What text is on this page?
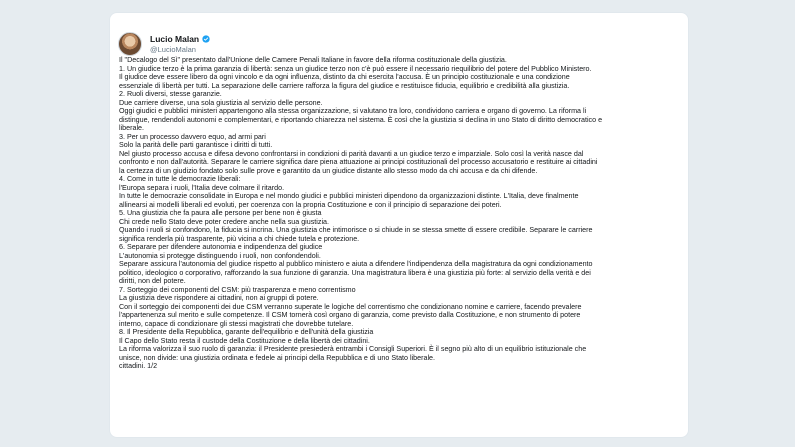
Lucio Malan
@LucioMalan
Il "Decalogo del Sì" presentato dall'Unione delle Camere Penali Italiane in favore della riforma costituzionale della giustizia.
1. Un giudice terzo è la prima garanzia di libertà: senza un giudice terzo non c'è può essere il necessario riequilibrio del potere del Pubblico Ministero.
Il giudice deve essere libero da ogni vincolo e da ogni influenza, distinto da chi esercita l'accusa. È un principio costituzionale e una condizione
essenziale di libertà per tutti. La separazione delle carriere rafforza la figura del giudice e restituisce fiducia, equilibrio e credibilità alla giustizia.
2. Ruoli diversi, stesse garanzie.
Due carriere diverse, una sola giustizia al servizio delle persone.
Oggi giudici e pubblici ministeri appartengono alla stessa organizzazione, si valutano tra loro, condividono carriera e organo di governo. La riforma li
distingue, rendendoli autonomi e complementari, e riportando chiarezza nel sistema. È così che la giustizia si declina in uno Stato di diritto democratico e
liberale.
3. Per un processo davvero equo, ad armi pari
Solo la parità delle parti garantisce i diritti di tutti.
Nel giusto processo accusa e difesa devono confrontarsi in condizioni di parità davanti a un giudice terzo e imparziale. Solo così la verità nasce dal
confronto e non dall'autorità. Separare le carriere significa dare piena attuazione ai principi costituzionali del processo accusatorio e restituire ai cittadini
la certezza di un giudizio fondato solo sulle prove e garantito da un giudice distante allo stesso modo da chi accusa e da chi difende.
4. Come in tutte le democrazie liberali:
l'Europa separa i ruoli, l'Italia deve colmare il ritardo.
In tutte le democrazie consolidate in Europa e nel mondo giudici e pubblici ministeri dipendono da organizzazioni distinte. L'Italia, deve finalmente
allinearsi ai modelli liberali ed evoluti, per coerenza con la propria Costituzione e con il principio di separazione dei poteri.
5. Una giustizia che fa paura alle persone per bene non è giusta
Chi crede nello Stato deve poter credere anche nella sua giustizia.
Quando i ruoli si confondono, la fiducia si incrina. Una giustizia che intimorisce o si chiude in se stessa smette di essere credibile. Separare le carriere
significa renderla più trasparente, più vicina a chi chiede tutela e protezione.
6. Separare per difendere autonomia e indipendenza del giudice
L'autonomia si protegge distinguendo i ruoli, non confondendoli.
Separare assicura l'autonomia del giudice rispetto al pubblico ministero e aiuta a difendere l'indipendenza della magistratura da ogni condizionamento
politico, ideologico o corporativo, rafforzando la sua funzione di garanzia. Una magistratura libera è una giustizia più forte: al servizio della verità e dei
diritti, non del potere.
7. Sorteggio dei componenti del CSM: più trasparenza e meno correntismo
La giustizia deve rispondere ai cittadini, non ai gruppi di potere.
Con il sorteggio dei componenti dei due CSM verranno superate le logiche del correntismo che condizionano nomine e carriere, facendo prevalere
l'appartenenza sul merito e sulle competenze. Il CSM tornerà così organo di garanzia, come previsto dalla Costituzione, e non strumento di potere
interno, capace di condizionare gli stessi magistrati che dovrebbe tutelare.
8. Il Presidente della Repubblica, garante dell'equilibrio e dell'unità della giustizia
Il Capo dello Stato resta il custode della Costituzione e della libertà dei cittadini.
La riforma valorizza il suo ruolo di garanzia: il Presidente presiederà entrambi i Consigli Superiori. È il segno più alto di un equilibrio istituzionale che
unisce, non divide: una giustizia ordinata e fedele ai principi della Repubblica e di uno Stato liberale.
cittadini. 1/2
